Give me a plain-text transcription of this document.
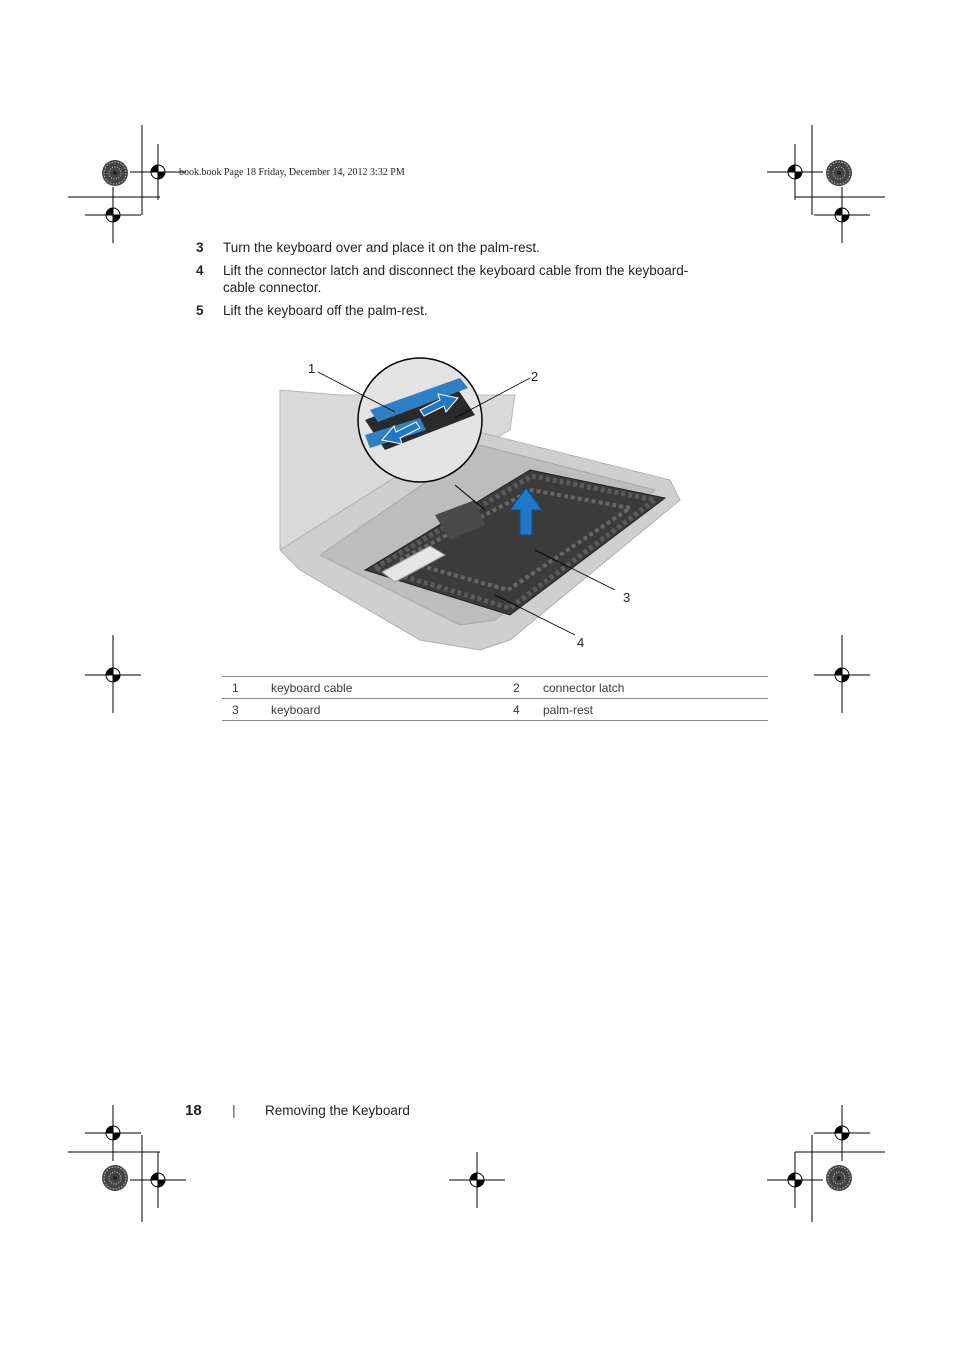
book.book Page 18 Friday, December 14, 2012 3:32 PM
3 Turn the keyboard over and place it on the palm-rest.
4 Lift the connector latch and disconnect the keyboard cable from the keyboard-cable connector.
5 Lift the keyboard off the palm-rest.
1
2
3
4
1	keyboard cable	2	connector latch
3	keyboard	4	palm-rest
18 | Removing the Keyboard
